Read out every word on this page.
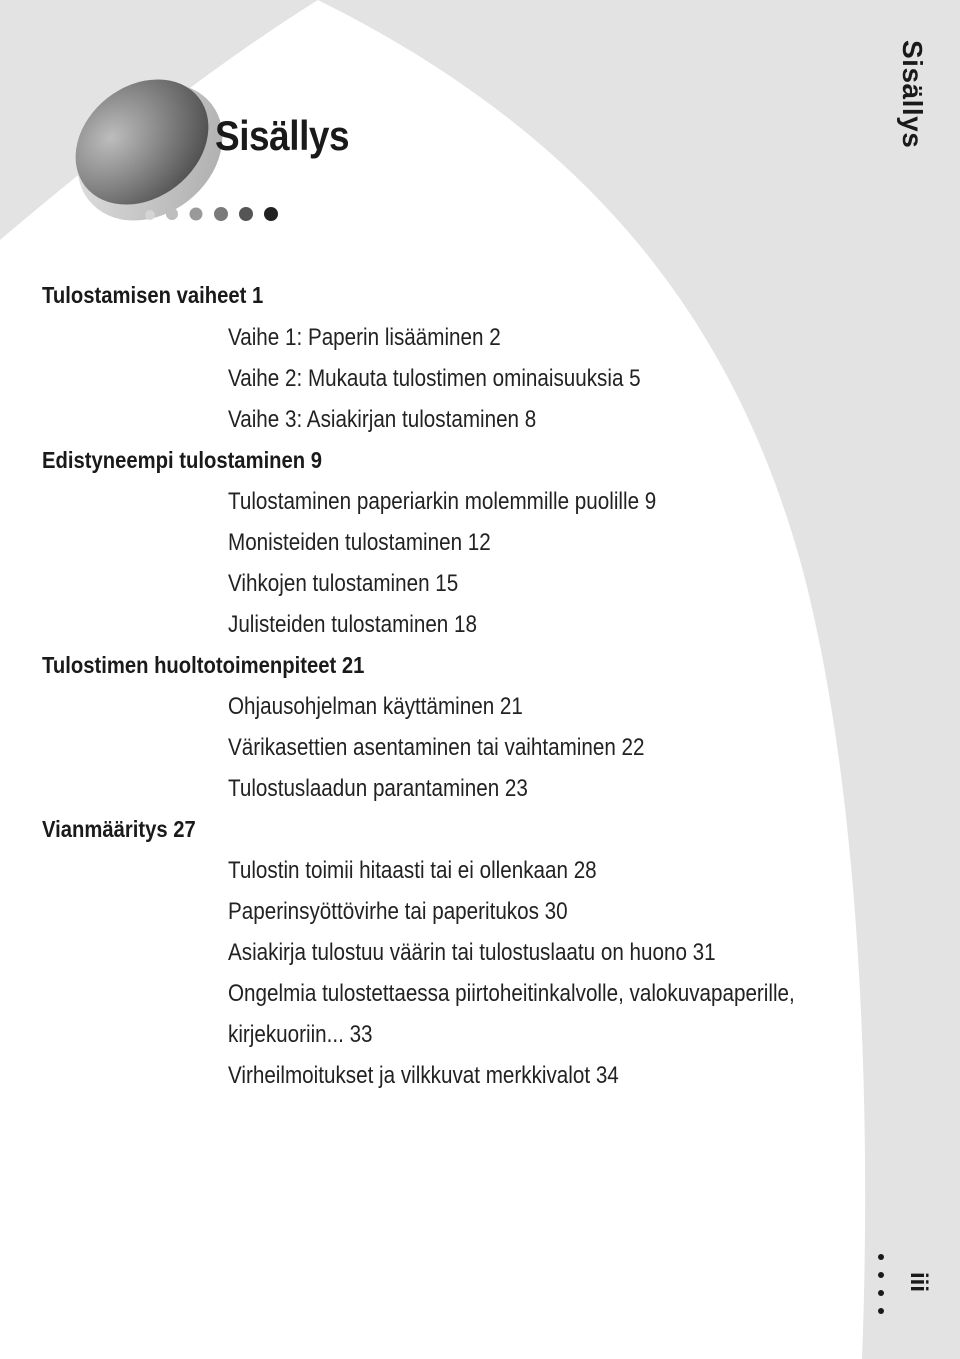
Sisällys	Sisällys
Tulostamisen vaiheet 1
Vaihe 1: Paperin lisääminen 2
Vaihe 2: Mukauta tulostimen ominaisuuksia 5
Vaihe 3: Asiakirjan tulostaminen 8
Edistyneempi tulostaminen 9
Tulostaminen paperiarkin molemmille puolille 9
Monisteiden tulostaminen 12
Vihkojen tulostaminen 15
Julisteiden tulostaminen 18
Tulostimen huoltotoimenpiteet 21
Ohjausohjelman käyttäminen 21
Värikasettien asentaminen tai vaihtaminen 22
Tulostuslaadun parantaminen 23
Vianmääritys 27
Tulostin toimii hitaasti tai ei ollenkaan 28
Paperinsyöttövirhe tai paperitukos 30
Asiakirja tulostuu väärin tai tulostuslaatu on huono 31
Ongelmia tulostettaessa piirtoheitinkalvolle, valokuvapaperille,
kirjekuoriin... 33
Virheilmoitukset ja vilkkuvat merkkivalot 34
iii
